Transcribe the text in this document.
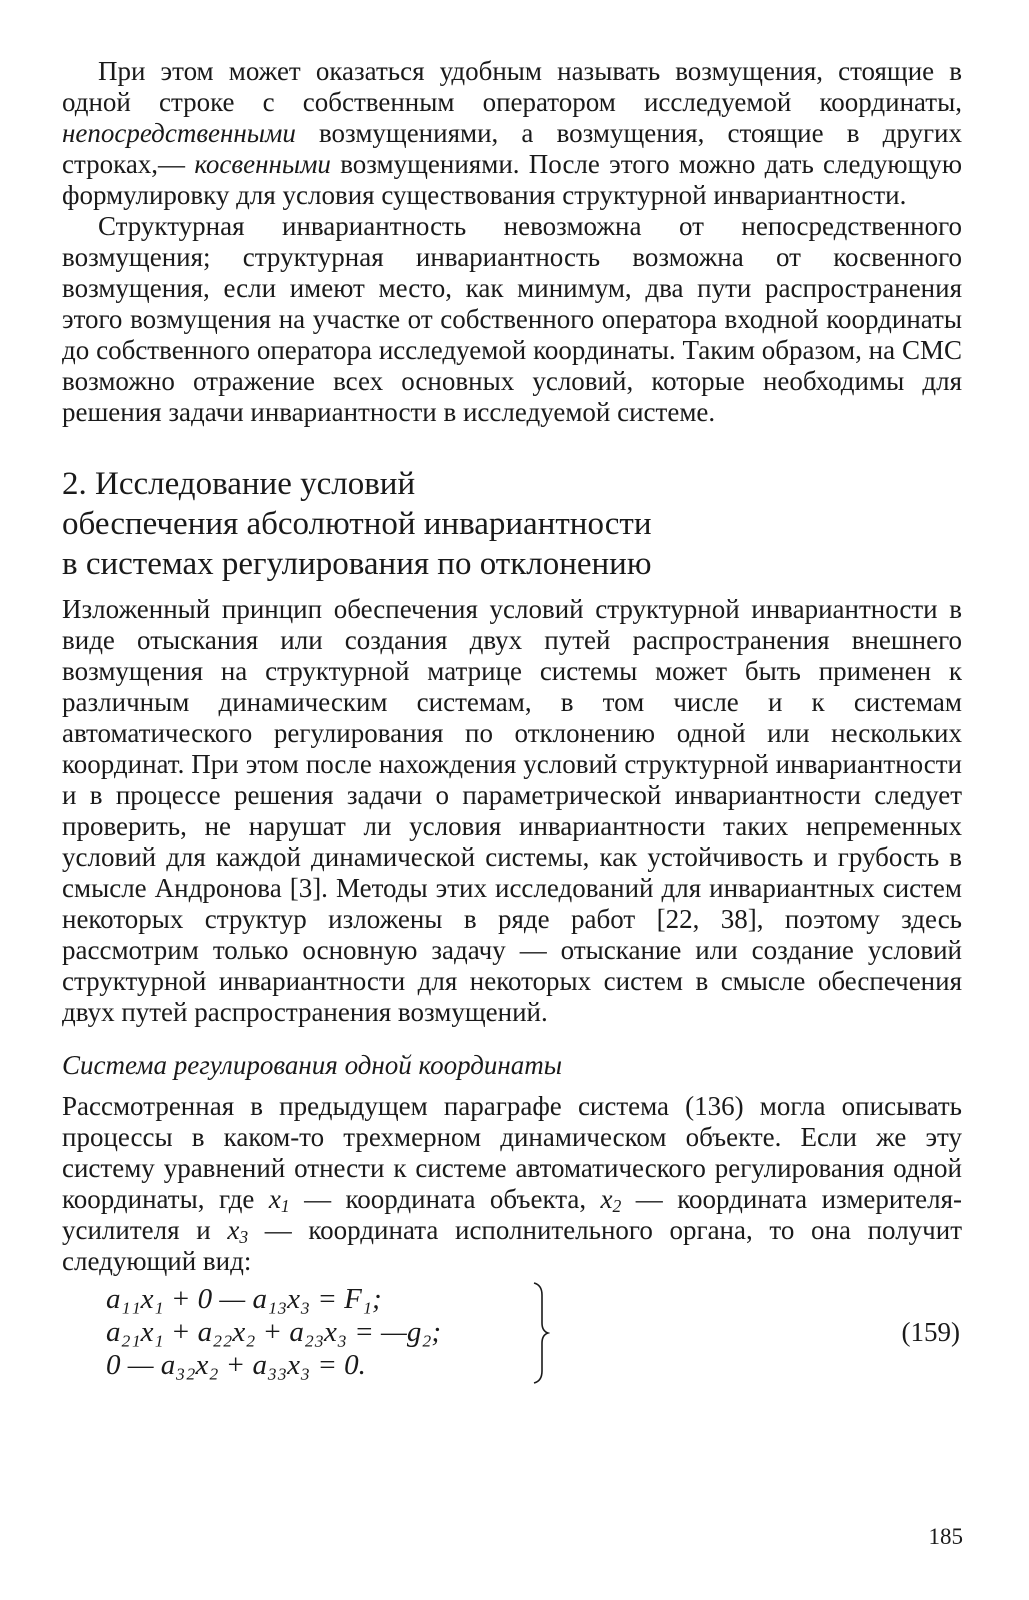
При этом может оказаться удобным называть возмущения, стоящие в одной строке с собственным оператором исследуемой координаты, непосредственными возмущениями, а возмущения, стоящие в других строках,— косвенными возмущениями. После этого можно дать следующую формулировку для условия существования структурной инвариантности.

Структурная инвариантность невозможна от непосредственного возмущения; структурная инвариантность возможна от косвенного возмущения, если имеют место, как минимум, два пути распространения этого возмущения на участке от собственного оператора входной координаты до собственного оператора исследуемой координаты. Таким образом, на СМС возможно отражение всех основных условий, которые необходимы для решения задачи инвариантности в исследуемой системе.

2. Исследование условий
обеспечения абсолютной инвариантности
в системах регулирования по отклонению

Изложенный принцип обеспечения условий структурной инвариантности в виде отыскания или создания двух путей распространения внешнего возмущения на структурной матрице системы может быть применен к различным динамическим системам, в том числе и к системам автоматического регулирования по отклонению одной или нескольких координат. При этом после нахождения условий структурной инвариантности и в процессе решения задачи о параметрической инвариантности следует проверить, не нарушат ли условия инвариантности таких непременных условий для каждой динамической системы, как устойчивость и грубость в смысле Андронова [3]. Методы этих исследований для инвариантных систем некоторых структур изложены в ряде работ [22, 38], поэтому здесь рассмотрим только основную задачу — отыскание или создание условий структурной инвариантности для некоторых систем в смысле обеспечения двух путей распространения возмущений.

Система регулирования одной координаты

Рассмотренная в предыдущем параграфе система (136) могла описывать процессы в каком-то трехмерном динамическом объекте. Если же эту систему уравнений отнести к системе автоматического регулирования одной координаты, где $x_1$ — координата объекта, $x_2$ — координата измерителя-усилителя и $x_3$ — координата исполнительного органа, то она получит следующий вид:

a₁₁x₁ + 0 — a₁₃x₃ = F₁;
a₂₁x₁ + a₂₂x₂ + a₂₃x₃ = —g₂;
0 — a₃₂x₂ + a₃₃x₃ = 0.
(159)
185
